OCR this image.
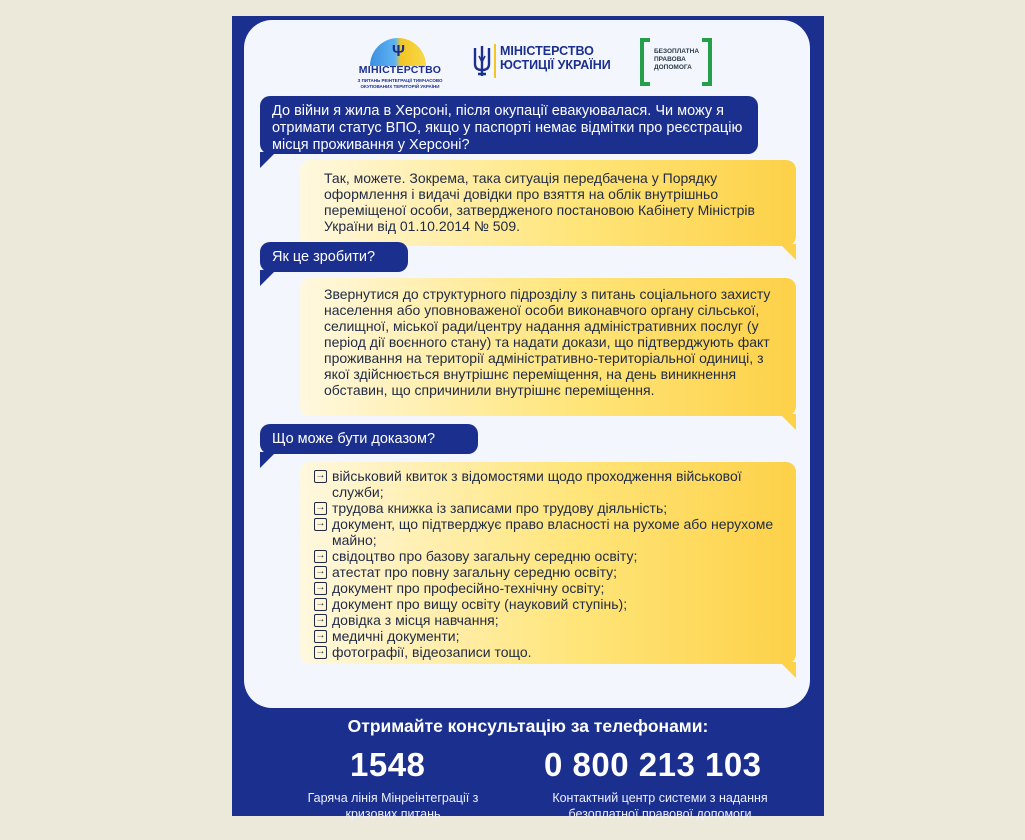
Ψ
МІНІСТЕРСТВО
З ПИТАНЬ РЕІНТЕГРАЦІЇ ТИМЧАСОВО ОКУПОВАНИХ ТЕРИТОРІЙ УКРАЇНИ
МІНІСТЕРСТВО
ЮСТИЦІЇ УКРАЇНИ
БЕЗОПЛАТНА
ПРАВОВА
ДОПОМОГА
До війни я жила в Херсоні, після окупації евакуювалася. Чи можу я отримати статус ВПО, якщо у паспорті немає відмітки про реєстрацію місця проживання у Херсоні?
Так, можете. Зокрема, така ситуація передбачена у Порядку оформлення і видачі довідки про взяття на облік внутрішньо переміщеної особи, затвердженого постановою Кабінету Міністрів України від 01.10.2014 № 509.
Як це зробити?
Звернутися до структурного підрозділу з питань соціального захисту населення або уповноваженої особи виконавчого органу сільської, селищної, міської ради/центру надання адміністративних послуг (у період дії воєнного стану) та надати докази, що підтверджують факт проживання на території адміністративно-територіальної одиниці, з якої здійснюється внутрішнє переміщення, на день виникнення обставин, що спричинили внутрішнє переміщення.
Що може бути доказом?
→ військовий квиток з відомостями щодо проходження військової служби;
→ трудова книжка із записами про трудову діяльність;
→ документ, що підтверджує право власності на рухоме або нерухоме майно;
→ свідоцтво про базову загальну середню освіту;
→ атестат про повну загальну середню освіту;
→ документ про професійно-технічну освіту;
→ документ про вищу освіту (науковий ступінь);
→ довідка з місця навчання;
→ медичні документи;
→ фотографії, відеозаписи тощо.
Отримайте консультацію за телефонами:
1548	0 800 213 103
Гаряча лінія Мінреінтеграції з кризових питань
Контактний центр системи з надання безоплатної правової допомоги
